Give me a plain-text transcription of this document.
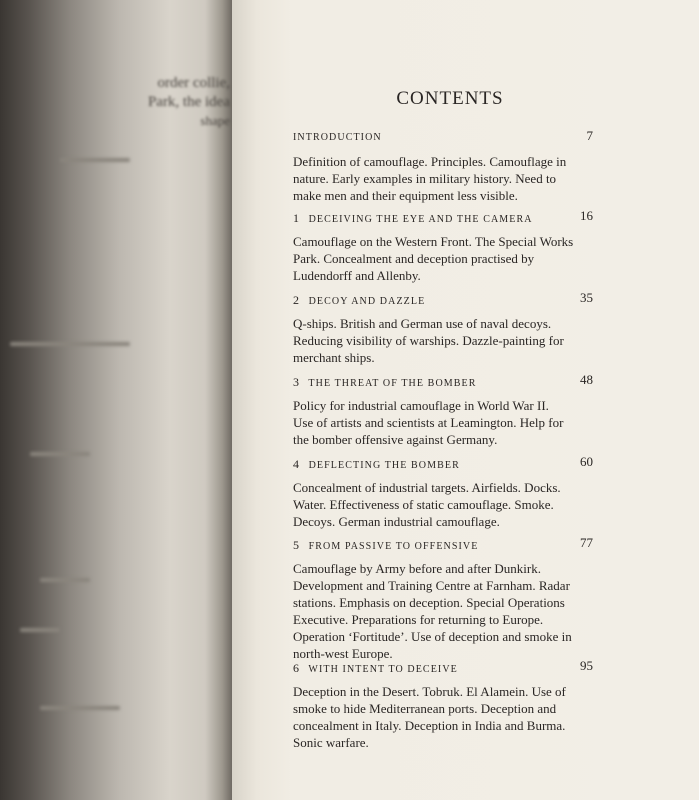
order collie,
Park, the idea
shape
CONTENTS
INTRODUCTION	7
Definition of camouflage. Principles. Camouflage in
nature. Early examples in military history. Need to
make men and their equipment less visible.
1 DECEIVING THE EYE AND THE CAMERA	16
Camouflage on the Western Front. The Special Works
Park. Concealment and deception practised by
Ludendorff and Allenby.
2 DECOY AND DAZZLE	35
Q-ships. British and German use of naval decoys.
Reducing visibility of warships. Dazzle-painting for
merchant ships.
3 THE THREAT OF THE BOMBER	48
Policy for industrial camouflage in World War II.
Use of artists and scientists at Leamington. Help for
the bomber offensive against Germany.
4 DEFLECTING THE BOMBER	60
Concealment of industrial targets. Airfields. Docks.
Water. Effectiveness of static camouflage. Smoke.
Decoys. German industrial camouflage.
5 FROM PASSIVE TO OFFENSIVE	77
Camouflage by Army before and after Dunkirk.
Development and Training Centre at Farnham. Radar
stations. Emphasis on deception. Special Operations
Executive. Preparations for returning to Europe.
Operation ‘Fortitude’. Use of deception and smoke in
north-west Europe.
6 WITH INTENT TO DECEIVE	95
Deception in the Desert. Tobruk. El Alamein. Use of
smoke to hide Mediterranean ports. Deception and
concealment in Italy. Deception in India and Burma.
Sonic warfare.
